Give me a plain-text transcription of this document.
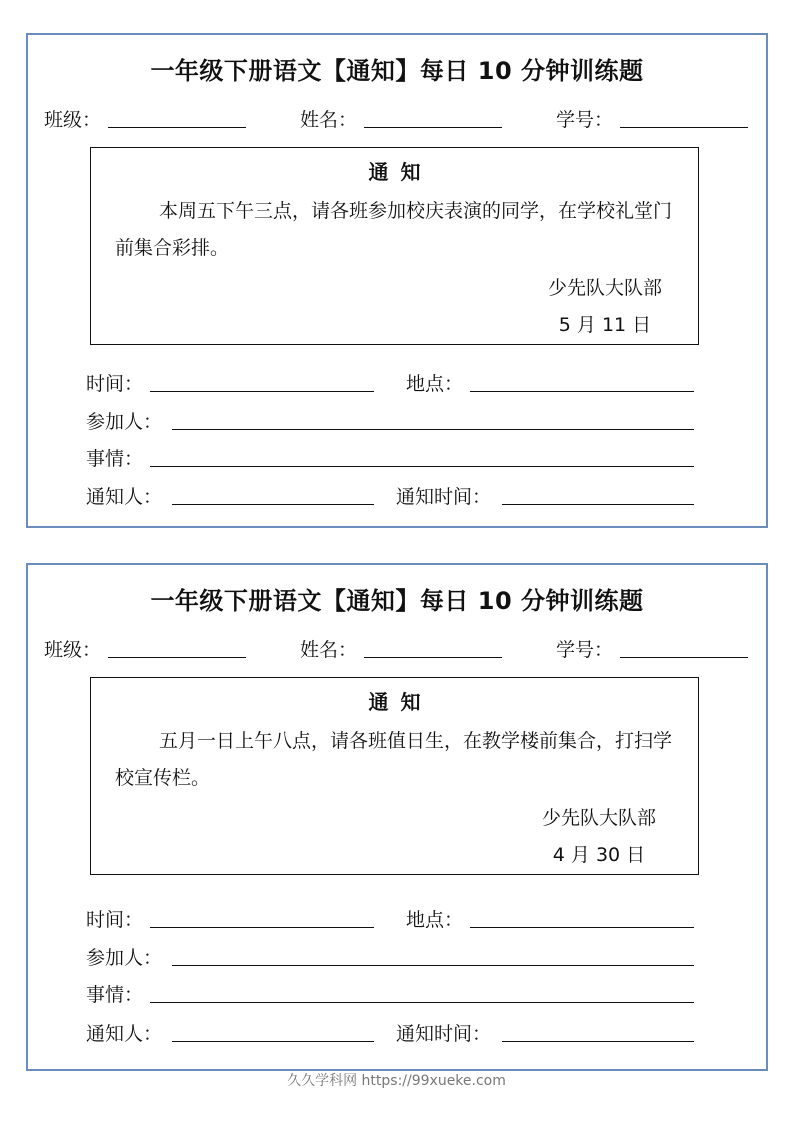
一年级下册语文【通知】每日 10 分钟训练题
班级：	姓名：	学号：
通知
本周五下午三点，请各班参加校庆表演的同学，在学校礼堂门前集合彩排。
少先队大队部
5 月 11 日
时间：	地点：
参加人：
事情：
通知人：	通知时间：
一年级下册语文【通知】每日 10 分钟训练题
班级：	姓名：	学号：
通知
五月一日上午八点，请各班值日生，在教学楼前集合，打扫学校宣传栏。
少先队大队部
4 月 30 日
时间：	地点：
参加人：
事情：
通知人：	通知时间：
久久学科网 https://99xueke.com
